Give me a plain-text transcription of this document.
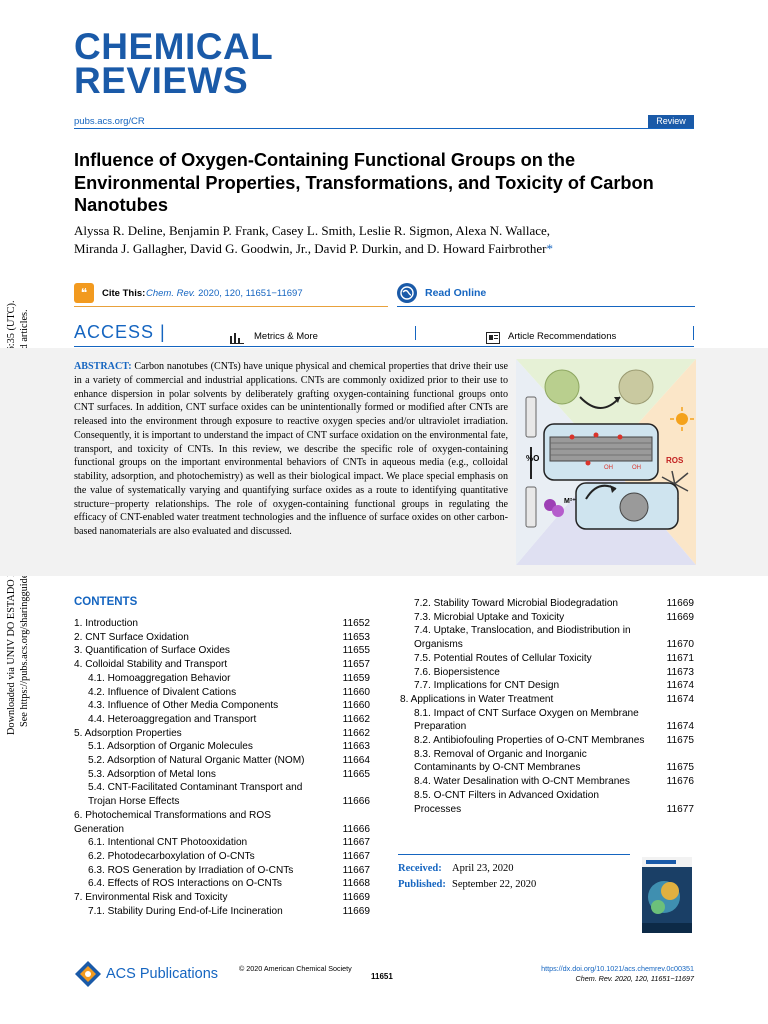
CHEMICAL
REVIEWS
pubs.acs.org/CR	Review
Influence of Oxygen-Containing Functional Groups on the Environmental Properties, Transformations, and Toxicity of Carbon Nanotubes
Alyssa R. Deline, Benjamin P. Frank, Casey L. Smith, Leslie R. Sigmon, Alexa N. Wallace,
Miranda J. Gallagher, David G. Goodwin, Jr., David P. Durkin, and D. Howard Fairbrother*
❝	Cite This: Chem. Rev. 2020, 120, 11651−11697	Read Online
ACCESS |	Metrics & More	Article Recommendations
ABSTRACT: Carbon nanotubes (CNTs) have unique physical and chemical properties that drive their use in a variety of commercial and industrial applications. CNTs are commonly oxidized prior to their use to enhance dispersion in polar solvents by deliberately grafting oxygen-containing functional groups onto CNT surfaces. In addition, CNT surface oxides can be unintentionally formed or modified after CNTs are released into the environment through exposure to reactive oxygen species and/or ultraviolet irradiation. Consequently, it is important to understand the impact of CNT surface oxidation on the environmental fate, transport, and toxicity of CNTs. In this review, we describe the specific role of oxygen-containing functional groups on the important environmental behaviors of CNTs in aqueous media (e.g., colloidal stability, adsorption, and photochemistry) as well as their biological impact. We place special emphasis on the value of systematically varying and quantifying surface oxides as a route to identifying quantitative structure−property relationships. The role of oxygen-containing functional groups in regulating the efficacy of CNT-enabled water treatment technologies and the influence of surface oxides on other carbon-based nanomaterials are also evaluated and discussed.
%O
OH	OH
ROS
M²⁺
CONTENTS
1. Introduction	11652
2. CNT Surface Oxidation	11653
3. Quantification of Surface Oxides	11655
4. Colloidal Stability and Transport	11657
4.1. Homoaggregation Behavior	11659
4.2. Influence of Divalent Cations	11660
4.3. Influence of Other Media Components	11660
4.4. Heteroaggregation and Transport	11662
5. Adsorption Properties	11662
5.1. Adsorption of Organic Molecules	11663
5.2. Adsorption of Natural Organic Matter (NOM)	11664
5.3. Adsorption of Metal Ions	11665
5.4. CNT-Facilitated Contaminant Transport and Trojan Horse Effects	11666
6. Photochemical Transformations and ROS Generation	11666
6.1. Intentional CNT Photooxidation	11667
6.2. Photodecarboxylation of O-CNTs	11667
6.3. ROS Generation by Irradiation of O-CNTs	11667
6.4. Effects of ROS Interactions on O-CNTs	11668
7. Environmental Risk and Toxicity	11669
7.1. Stability During End-of-Life Incineration	11669
7.2. Stability Toward Microbial Biodegradation	11669
7.3. Microbial Uptake and Toxicity	11669
7.4. Uptake, Translocation, and Biodistribution in Organisms	11670
7.5. Potential Routes of Cellular Toxicity	11671
7.6. Biopersistence	11673
7.7. Implications for CNT Design	11674
8. Applications in Water Treatment	11674
8.1. Impact of CNT Surface Oxygen on Membrane Preparation	11674
8.2. Antibiofouling Properties of O-CNT Membranes 11675
8.3. Removal of Organic and Inorganic Contaminants by O-CNT Membranes	11675
8.4. Water Desalination with O-CNT Membranes	11676
8.5. O-CNT Filters in Advanced Oxidation Processes	11677
Received: April 23, 2020
Published: September 22, 2020
ACS Publications	© 2020 American Chemical Society
11651
https://dx.doi.org/10.1021/acs.chemrev.0c00351
Chem. Rev. 2020, 120, 11651−11697
